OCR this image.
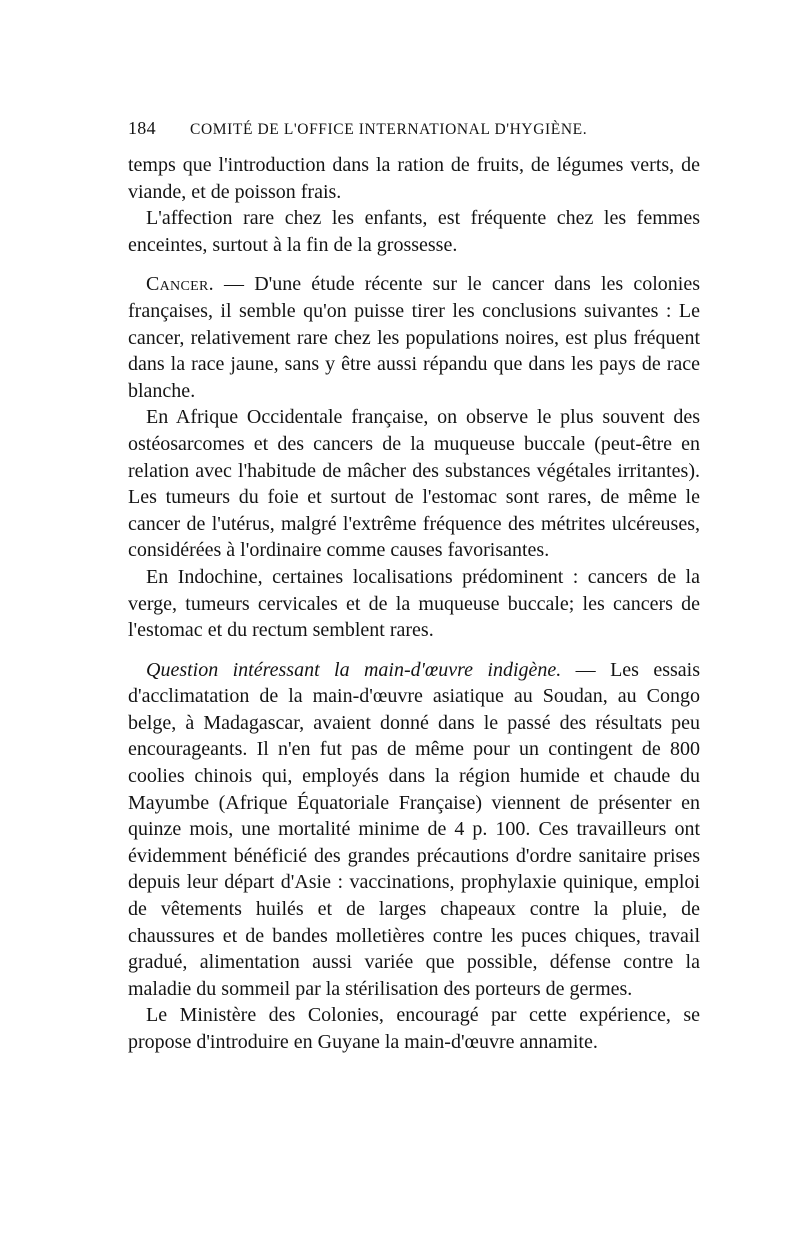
184	COMITÉ DE L'OFFICE INTERNATIONAL D'HYGIÈNE.

temps que l'introduction dans la ration de fruits, de légumes verts, de viande, et de poisson frais.

L'affection rare chez les enfants, est fréquente chez les femmes enceintes, surtout à la fin de la grossesse.

Cancer. — D'une étude récente sur le cancer dans les colonies françaises, il semble qu'on puisse tirer les conclusions suivantes : Le cancer, relativement rare chez les populations noires, est plus fréquent dans la race jaune, sans y être aussi répandu que dans les pays de race blanche.

En Afrique Occidentale française, on observe le plus souvent des ostéosarcomes et des cancers de la muqueuse buccale (peut-être en relation avec l'habitude de mâcher des substances végétales irritantes). Les tumeurs du foie et surtout de l'estomac sont rares, de même le cancer de l'utérus, malgré l'extrême fréquence des métrites ulcéreuses, considérées à l'ordinaire comme causes favorisantes.

En Indochine, certaines localisations prédominent : cancers de la verge, tumeurs cervicales et de la muqueuse buccale; les cancers de l'estomac et du rectum semblent rares.

Question intéressant la main-d'œuvre indigène. — Les essais d'acclimatation de la main-d'œuvre asiatique au Soudan, au Congo belge, à Madagascar, avaient donné dans le passé des résultats peu encourageants. Il n'en fut pas de même pour un contingent de 800 coolies chinois qui, employés dans la région humide et chaude du Mayumbe (Afrique Équatoriale Française) viennent de présenter en quinze mois, une mortalité minime de 4 p. 100. Ces travailleurs ont évidemment bénéficié des grandes précautions d'ordre sanitaire prises depuis leur départ d'Asie : vaccinations, prophylaxie quinique, emploi de vêtements huilés et de larges chapeaux contre la pluie, de chaussures et de bandes molletières contre les puces chiques, travail gradué, alimentation aussi variée que possible, défense contre la maladie du sommeil par la stérilisation des porteurs de germes.

Le Ministère des Colonies, encouragé par cette expérience, se propose d'introduire en Guyane la main-d'œuvre annamite.
